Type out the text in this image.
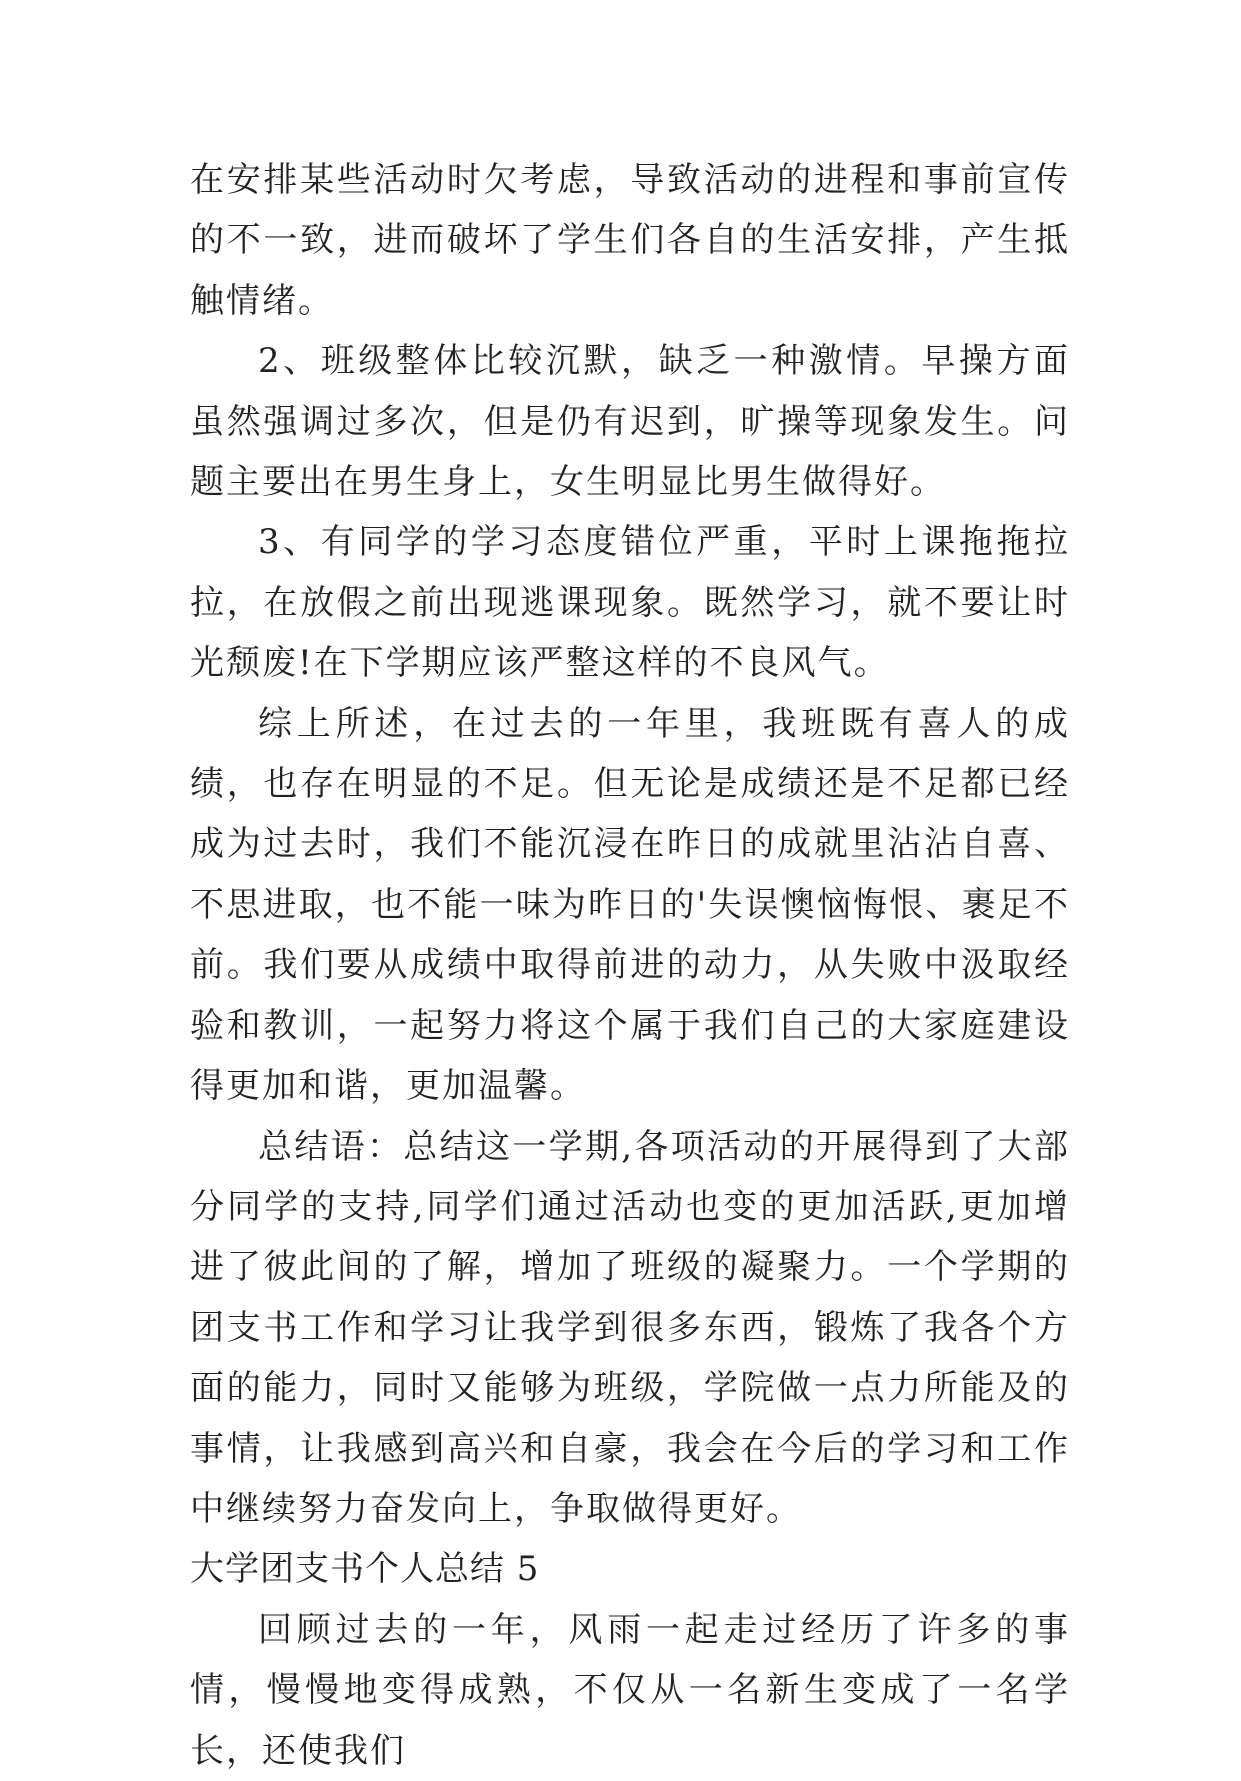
在安排某些活动时欠考虑，导致活动的进程和事前宣传的不一致，进而破坏了学生们各自的生活安排，产生抵触情绪。

2、班级整体比较沉默，缺乏一种激情。早操方面虽然强调过多次，但是仍有迟到，旷操等现象发生。问题主要出在男生身上，女生明显比男生做得好。

3、有同学的学习态度错位严重，平时上课拖拖拉拉，在放假之前出现逃课现象。既然学习，就不要让时光颓废!在下学期应该严整这样的不良风气。

综上所述，在过去的一年里，我班既有喜人的成绩，也存在明显的不足。但无论是成绩还是不足都已经成为过去时，我们不能沉浸在昨日的成就里沾沾自喜、不思进取，也不能一味为昨日的'失误懊恼悔恨、裹足不前。我们要从成绩中取得前进的动力，从失败中汲取经验和教训，一起努力将这个属于我们自己的大家庭建设得更加和谐，更加温馨。

总结语：总结这一学期,各项活动的开展得到了大部分同学的支持,同学们通过活动也变的更加活跃,更加增进了彼此间的了解，增加了班级的凝聚力。一个学期的团支书工作和学习让我学到很多东西，锻炼了我各个方面的能力，同时又能够为班级，学院做一点力所能及的事情，让我感到高兴和自豪，我会在今后的学习和工作中继续努力奋发向上，争取做得更好。

大学团支书个人总结 5

回顾过去的一年，风雨一起走过经历了许多的事情，慢慢地变得成熟，不仅从一名新生变成了一名学长，还使我们
